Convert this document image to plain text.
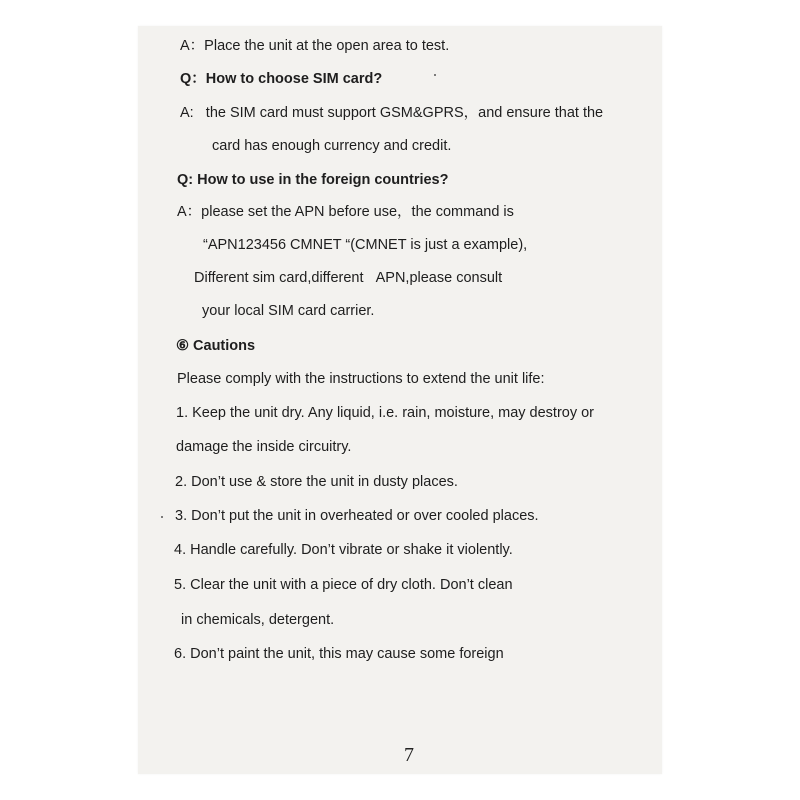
A：Place the unit at the open area to test.
Q：How to choose SIM card?
A:   the SIM card must support GSM&GPRS，and ensure that the
card has enough currency and credit.
Q: How to use in the foreign countries?
A：please set the APN before use，the command is
“APN123456 CMNET “(CMNET is just a example),
Different sim card,different   APN,please consult
your local SIM card carrier.
⑥ Cautions
Please comply with the instructions to extend the unit life:
1. Keep the unit dry. Any liquid, i.e. rain, moisture, may destroy or
damage the inside circuitry.
2. Don’t use & store the unit in dusty places.
3. Don’t put the unit in overheated or over cooled places.
4. Handle carefully. Don’t vibrate or shake it violently.
5. Clear the unit with a piece of dry cloth. Don’t clean
in chemicals, detergent.
6. Don’t paint the unit, this may cause some foreign
7
